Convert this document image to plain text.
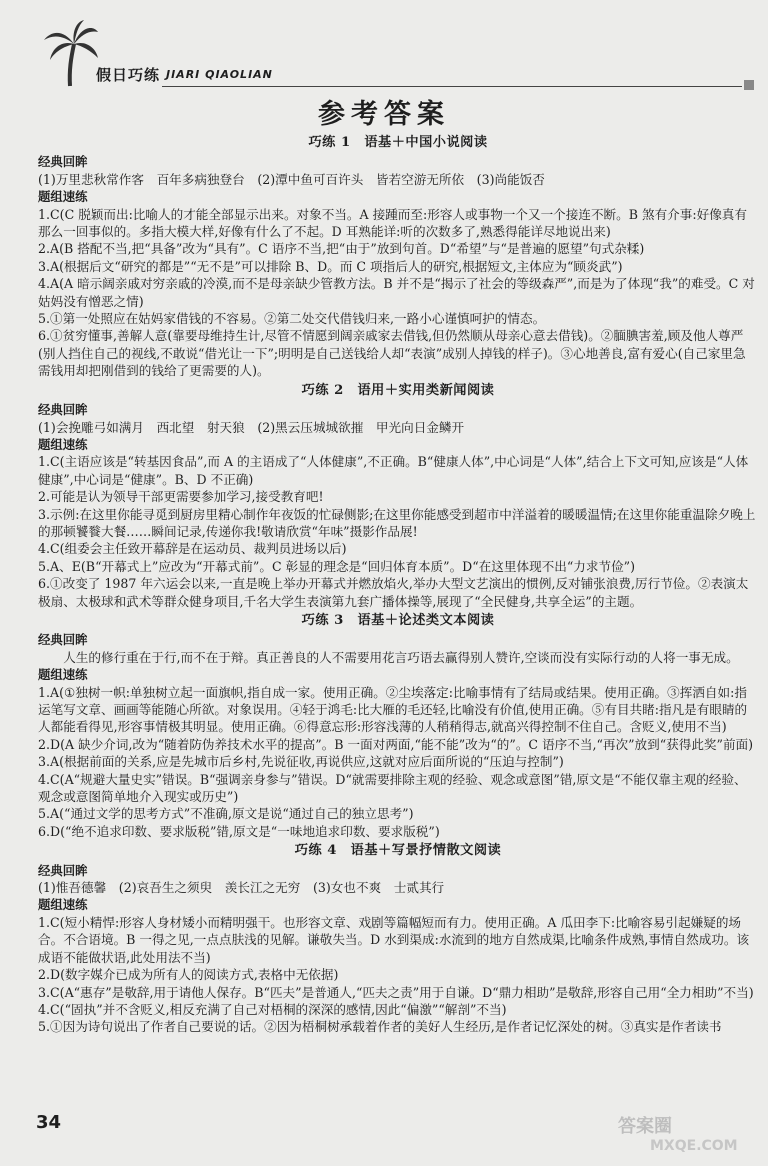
假日巧练 JIARI QIAOLIAN
参考答案
巧练 1　语基＋中国小说阅读
经典回眸

(1)万里悲秋常作客　百年多病独登台　(2)潭中鱼可百许头　皆若空游无所依　(3)尚能饭否

题组速练

1.C(C 脱颖而出:比喻人的才能全部显示出来。对象不当。A 接踵而至:形容人或事物一个又一个接连不断。B 煞有介事:好像真有那么一回事似的。多指大模大样,好像有什么了不起。D 耳熟能详:听的次数多了,熟悉得能详尽地说出来)

2.A(B 搭配不当,把“具备”改为“具有”。C 语序不当,把“由于”放到句首。D“希望”与“是普遍的愿望”句式杂糅)

3.A(根据后文“研究的都是”“无不是”可以排除 B、D。而 C 项指后人的研究,根据短文,主体应为“顾炎武”)

4.A(A 暗示阔亲戚对穷亲戚的冷漠,而不是母亲缺少管教方法。B 并不是“揭示了社会的等级森严”,而是为了体现“我”的难受。C 对姑妈没有憎恶之情)

5.①第一处照应在姑妈家借钱的不容易。②第二处交代借钱归来,一路小心谨慎呵护的情态。

6.①贫穷懂事,善解人意(靠要母维持生计,尽管不情愿到阔亲戚家去借钱,但仍然顺从母亲心意去借钱)。②腼腆害羞,顾及他人尊严(别人挡住自己的视线,不敢说“借光让一下”;明明是自己送钱给人却“表演”成别人掉钱的样子)。③心地善良,富有爱心(自己家里急需钱用却把刚借到的钱给了更需要的人)。

巧练 2　语用＋实用类新闻阅读
经典回眸

(1)会挽雕弓如满月　西北望　射天狼　(2)黑云压城城欲摧　甲光向日金鳞开

题组速练

1.C(主语应该是“转基因食品”,而 A 的主语成了“人体健康”,不正确。B“健康人体”,中心词是“人体”,结合上下文可知,应该是“人体健康”,中心词是“健康”。B、D 不正确)

2.可能是认为领导干部更需要参加学习,接受教育吧!

3.示例:在这里你能寻觅到厨房里精心制作年夜饭的忙碌侧影;在这里你能感受到超市中洋溢着的暖暖温情;在这里你能重温除夕晚上的那顿饕餮大餐……瞬间记录,传递你我!敬请欣赏“年味”摄影作品展!

4.C(组委会主任致开幕辞是在运动员、裁判员进场以后)

5.A、E(B“开幕式上”应改为“开幕式前”。C 彰显的理念是“回归体育本质”。D“在这里体现不出“力求节俭”)

6.①改变了 1987 年六运会以来,一直是晚上举办开幕式并燃放焰火,举办大型文艺演出的惯例,反对铺张浪费,厉行节俭。②表演太极扇、太极球和武术等群众健身项目,千名大学生表演第九套广播体操等,展现了“全民健身,共享全运”的主题。

巧练 3　语基＋论述类文本阅读
经典回眸

人生的修行重在于行,而不在于辩。真正善良的人不需要用花言巧语去赢得别人赞许,空谈而没有实际行动的人将一事无成。

题组速练

1.A(①独树一帜:单独树立起一面旗帜,指自成一家。使用正确。②尘埃落定:比喻事情有了结局或结果。使用正确。③挥洒自如:指运笔写文章、画画等能随心所欲。对象误用。④轻于鸿毛:比大雁的毛还轻,比喻没有价值,使用正确。⑤有目共睹:指凡是有眼睛的人都能看得见,形容事情极其明显。使用正确。⑥得意忘形:形容浅薄的人稍稍得志,就高兴得控制不住自己。含贬义,使用不当)

2.D(A 缺少介词,改为“随着防伪养技术水平的提高”。B 一面对两面,“能不能”改为“的”。C 语序不当,“再次”放到“获得此奖”前面)

3.A(根据前面的关系,应是先城市后乡村,先说征收,再说供应,这就对应后面所说的“压迫与控制”)

4.C(A“规避大量史实”错误。B“强调亲身参与”错误。D“就需要排除主观的经验、观念或意图”错,原文是“不能仅靠主观的经验、观念或意图简单地介入现实或历史”)

5.A(“通过文学的思考方式”不准确,原文是说“通过自己的独立思考”)

6.D(“绝不追求印数、要求版税”错,原文是“一味地追求印数、要求版税”)

巧练 4　语基＋写景抒情散文阅读
经典回眸

(1)惟吾德馨　(2)哀吾生之须臾　羡长江之无穷　(3)女也不爽　士贰其行

题组速练

1.C(短小精悍:形容人身材矮小而精明强干。也形容文章、戏剧等篇幅短而有力。使用正确。A 瓜田李下:比喻容易引起嫌疑的场合。不合语境。B 一得之见,一点点肤浅的见解。谦敬失当。D 水到渠成:水流到的地方自然成渠,比喻条件成熟,事情自然成功。该成语不能做状语,此处用法不当)

2.D(数字媒介已成为所有人的阅读方式,表格中无依据)

3.C(A“惠存”是敬辞,用于请他人保存。B“匹夫”是普通人,“匹夫之责”用于自谦。D“鼎力相助”是敬辞,形容自己用“全力相助”不当)

4.C(“固执”并不含贬义,相反充满了自己对梧桐的深深的感情,因此“偏激”“解剖”不当)

5.①因为诗句说出了作者自己要说的话。②因为梧桐树承载着作者的美好人生经历,是作者记忆深处的树。③真实是作者读书

34	答案圈
MXQE.COM
